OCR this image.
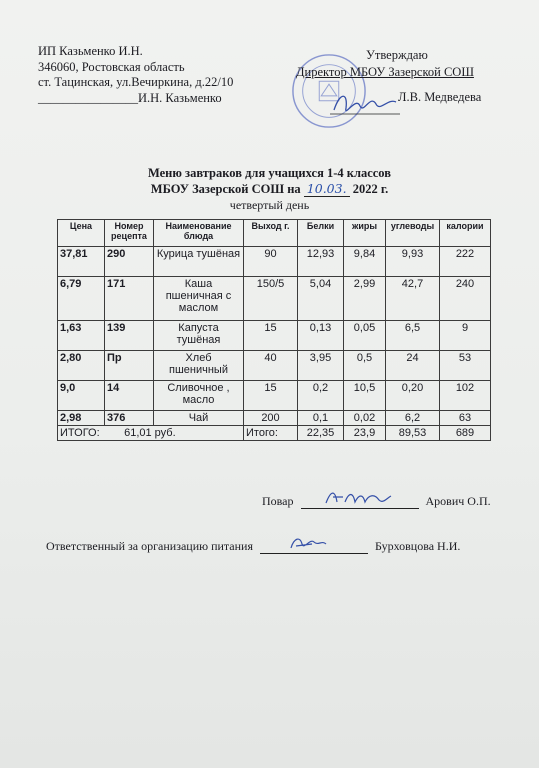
ИП Казьменко И.Н.
346060, Ростовская область
ст. Тацинская, ул.Вечиркина, д.22/10
________________И.Н. Казьменко
Утверждаю
Директор МБОУ Зазерской СОШ
Л.В. Медведева
Меню завтраков для учащихся 1-4 классов
МБОУ Зазерской СОШ на 10.03. 2022 г.
четвертый день
Цена	Номер рецепта	Наименование блюда	Выход г.	Белки	жиры	углеводы	калории
37,81	290	Курица тушёная	90	12,93	9,84	9,93	222
6,79	171	Каша пшеничная с маслом	150/5	5,04	2,99	42,7	240
1,63	139	Капуста тушёная	15	0,13	0,05	6,5	9
2,80	Пр	Хлеб пшеничный	40	3,95	0,5	24	53
9,0	14	Сливочное , масло	15	0,2	10,5	0,20	102
2,98	376	Чай	200	0,1	0,02	6,2	63
ИТОГО: 61,01 руб.			Итого:	22,35	23,9	89,53	689
Повар	Арович О.П.
Ответственный за организацию питания	Бурховцова Н.И.
